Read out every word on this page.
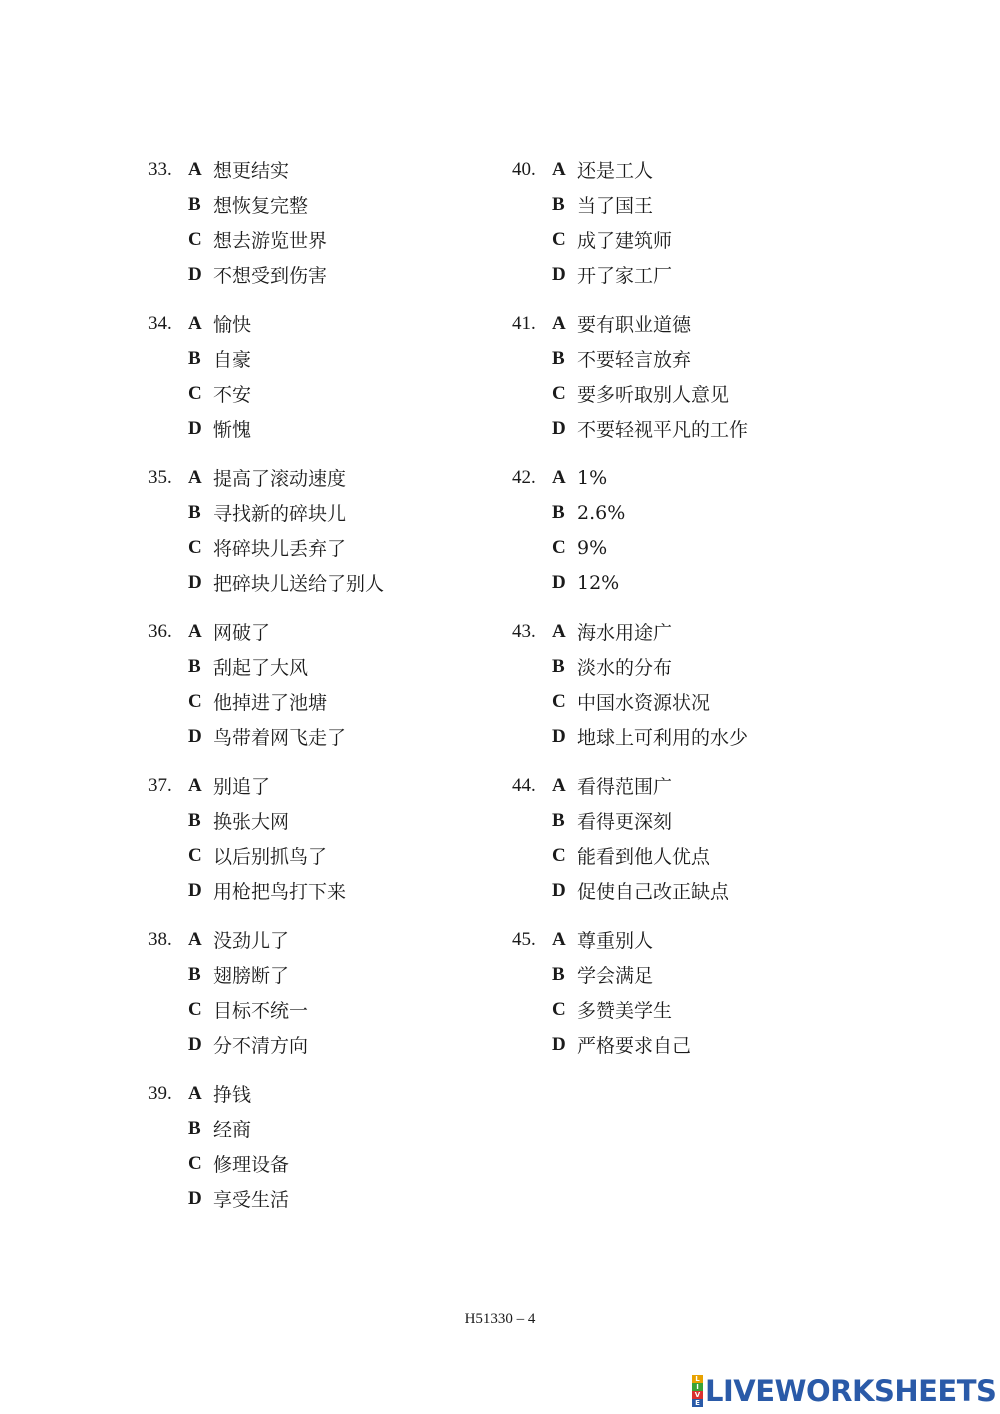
33. A 想更结实
B 想恢复完整
C 想去游览世界
D 不想受到伤害
34. A 愉快
B 自豪
C 不安
D 惭愧
35. A 提高了滚动速度
B 寻找新的碎块儿
C 将碎块儿丢弃了
D 把碎块儿送给了别人
36. A 网破了
B 刮起了大风
C 他掉进了池塘
D 鸟带着网飞走了
37. A 别追了
B 换张大网
C 以后别抓鸟了
D 用枪把鸟打下来
38. A 没劲儿了
B 翅膀断了
C 目标不统一
D 分不清方向
39. A 挣钱
B 经商
C 修理设备
D 享受生活
40. A 还是工人
B 当了国王
C 成了建筑师
D 开了家工厂
41. A 要有职业道德
B 不要轻言放弃
C 要多听取别人意见
D 不要轻视平凡的工作
42. A 1%
B 2.6%
C 9%
D 12%
43. A 海水用途广
B 淡水的分布
C 中国水资源状况
D 地球上可利用的水少
44. A 看得范围广
B 看得更深刻
C 能看到他人优点
D 促使自己改正缺点
45. A 尊重别人
B 学会满足
C 多赞美学生
D 严格要求自己
H51330 – 4
L
I
V
E LIVEWORKSHEETS
